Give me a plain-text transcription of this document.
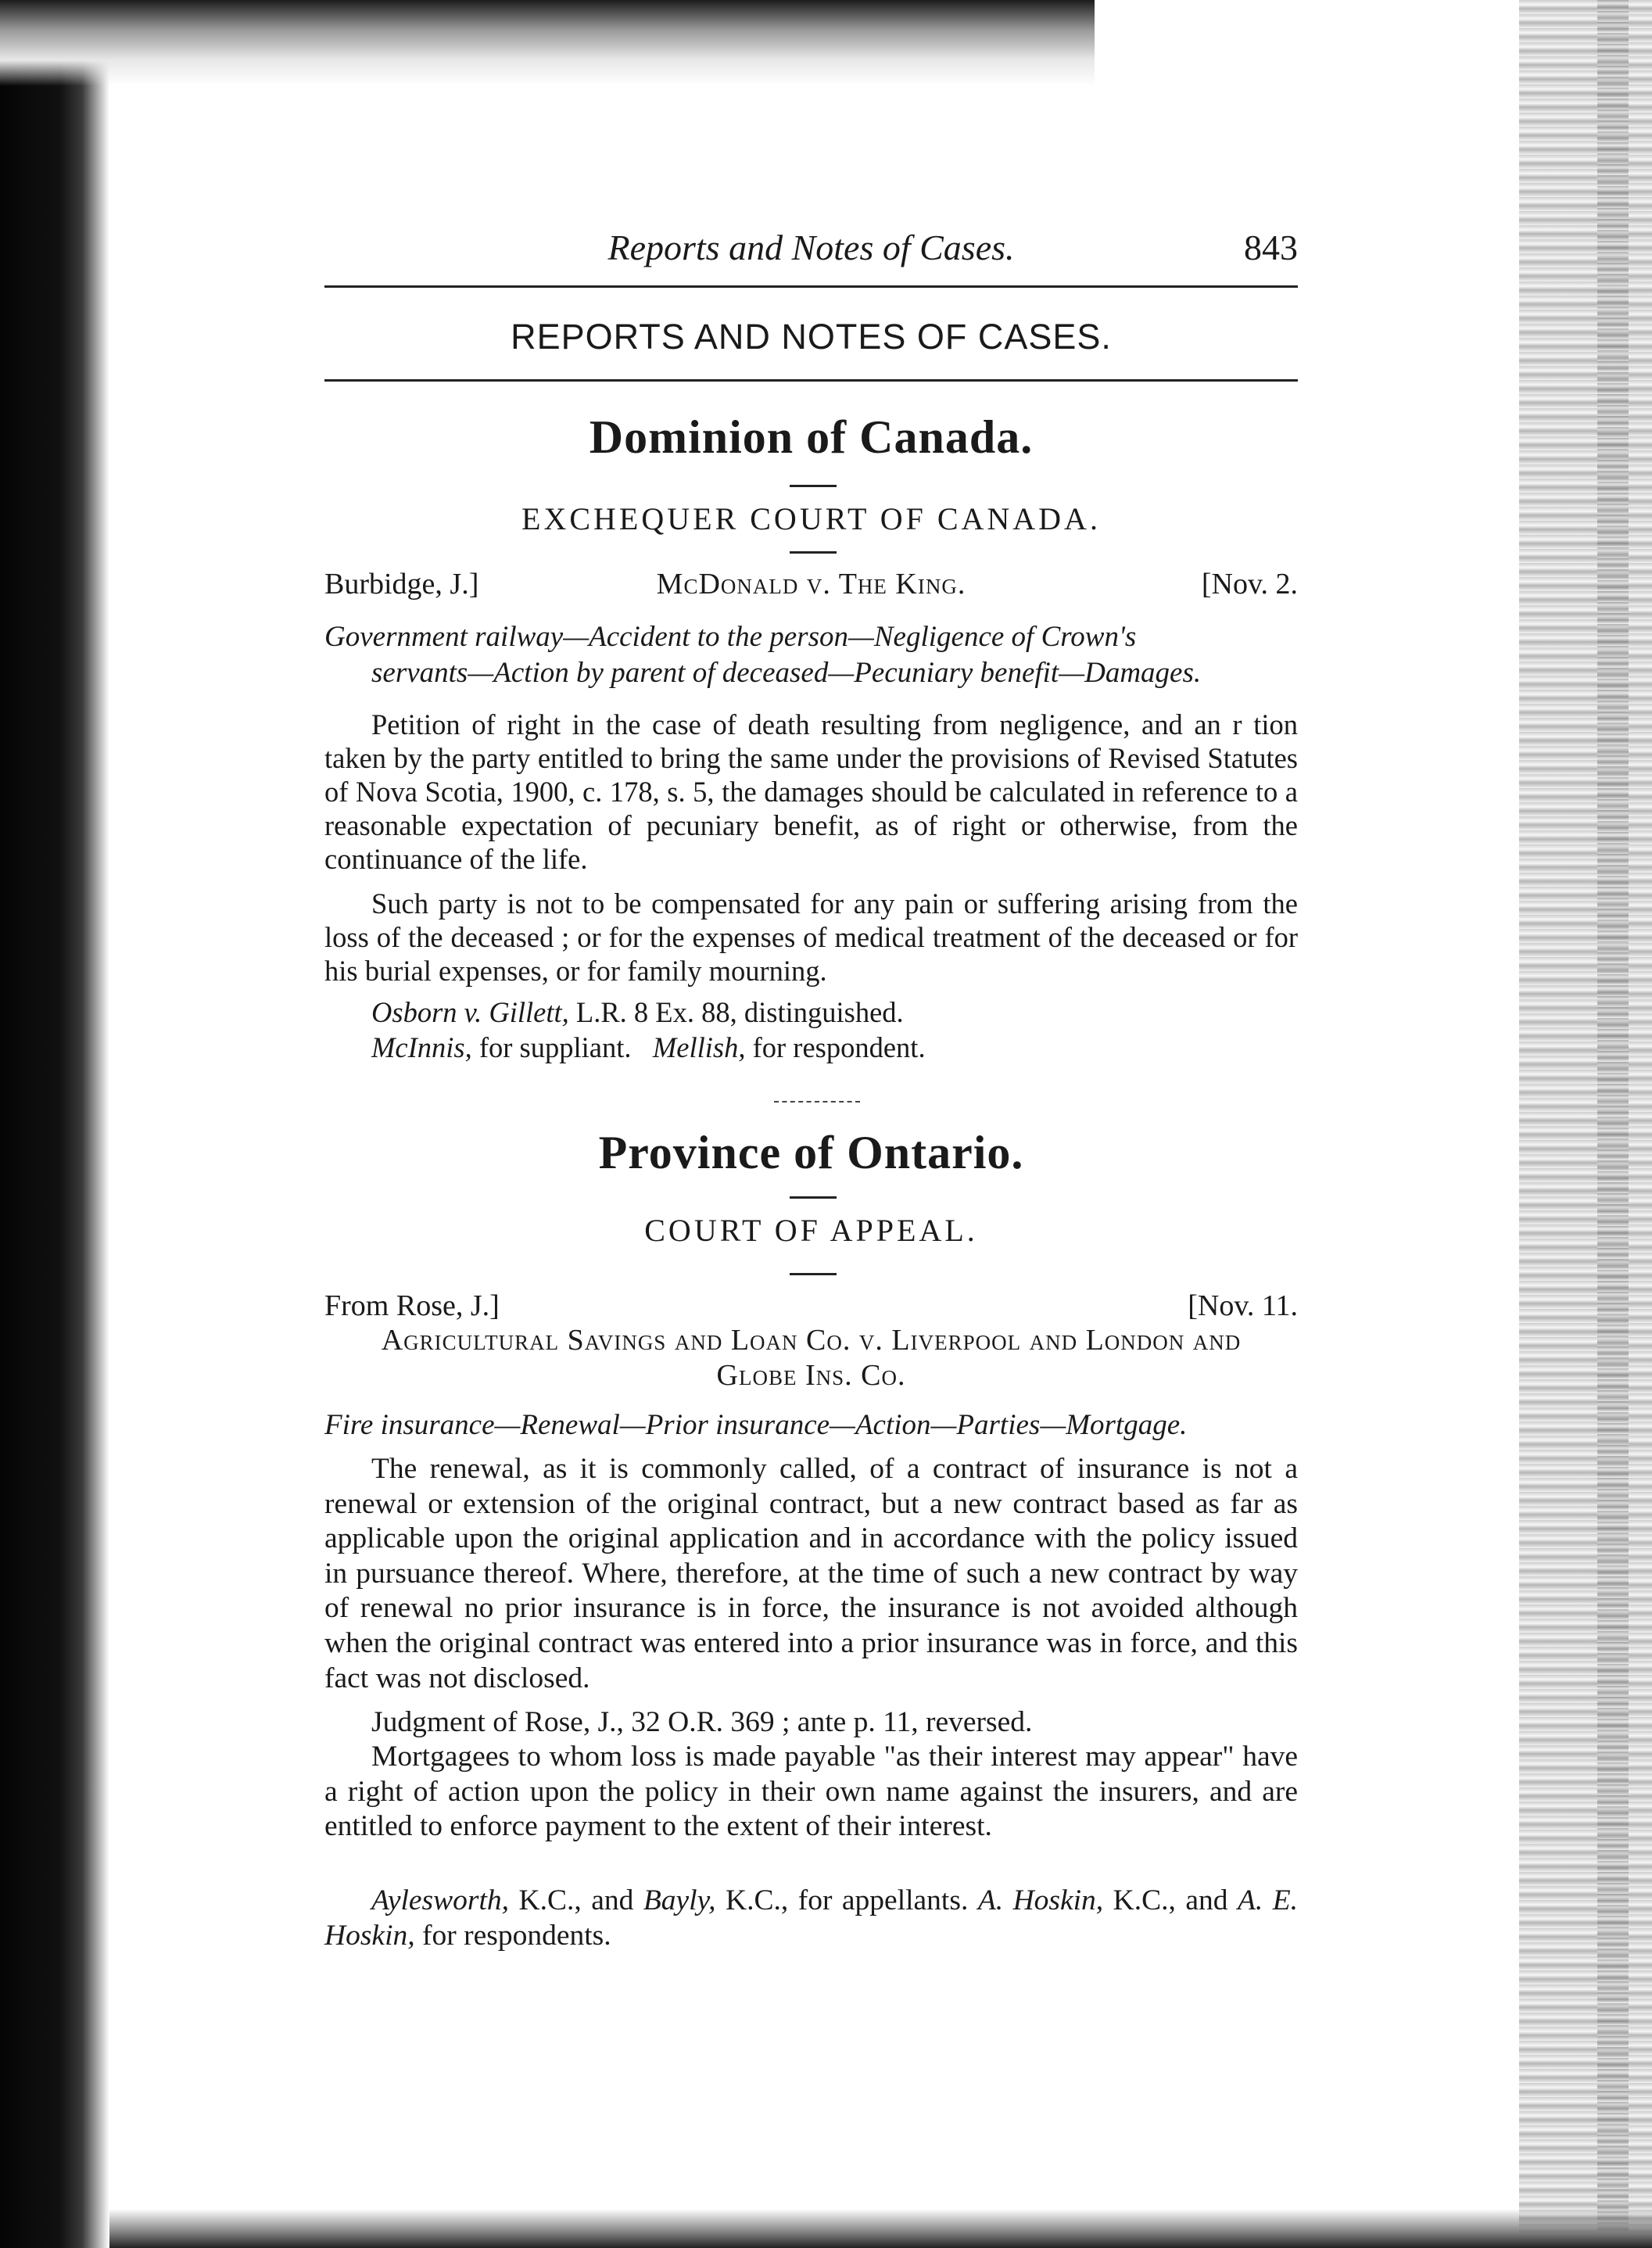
Reports and Notes of Cases.	843
REPORTS AND NOTES OF CASES.
Dominion of Canada.
EXCHEQUER COURT OF CANADA.
Burbidge, J.]	McDonald v. The King.	[Nov. 2.
Government railway—Accident to the person—Negligence of Crown's
servants—Action by parent of deceased—Pecuniary benefit—Damages.
Petition of right in the case of death resulting from negligence, and an r tion taken by the party entitled to bring the same under the provisions of Revised Statutes of Nova Scotia, 1900, c. 178, s. 5, the damages should be calculated in reference to a reasonable expectation of pecuniary benefit, as of right or otherwise, from the continuance of the life.
Such party is not to be compensated for any pain or suffering arising from the loss of the deceased ; or for the expenses of medical treatment of the deceased or for his burial expenses, or for family mourning.
Osborn v. Gillett, L.R. 8 Ex. 88, distinguished.
McInnis, for suppliant. Mellish, for respondent.
Province of Ontario.
COURT OF APPEAL.
From Rose, J.]	[Nov. 11.
Agricultural Savings and Loan Co. v. Liverpool and London and
Globe Ins. Co.
Fire insurance—Renewal—Prior insurance—Action—Parties—Mortgage.
The renewal, as it is commonly called, of a contract of insurance is not a renewal or extension of the original contract, but a new contract based as far as applicable upon the original application and in accordance with the policy issued in pursuance thereof. Where, therefore, at the time of such a new contract by way of renewal no prior insurance is in force, the insurance is not avoided although when the original contract was entered into a prior insurance was in force, and this fact was not disclosed.
Judgment of Rose, J., 32 O.R. 369 ; ante p. 11, reversed.
Mortgagees to whom loss is made payable "as their interest may appear" have a right of action upon the policy in their own name against the insurers, and are entitled to enforce payment to the extent of their interest.
Aylesworth, K.C., and Bayly, K.C., for appellants. A. Hoskin, K.C., and A. E. Hoskin, for respondents.
